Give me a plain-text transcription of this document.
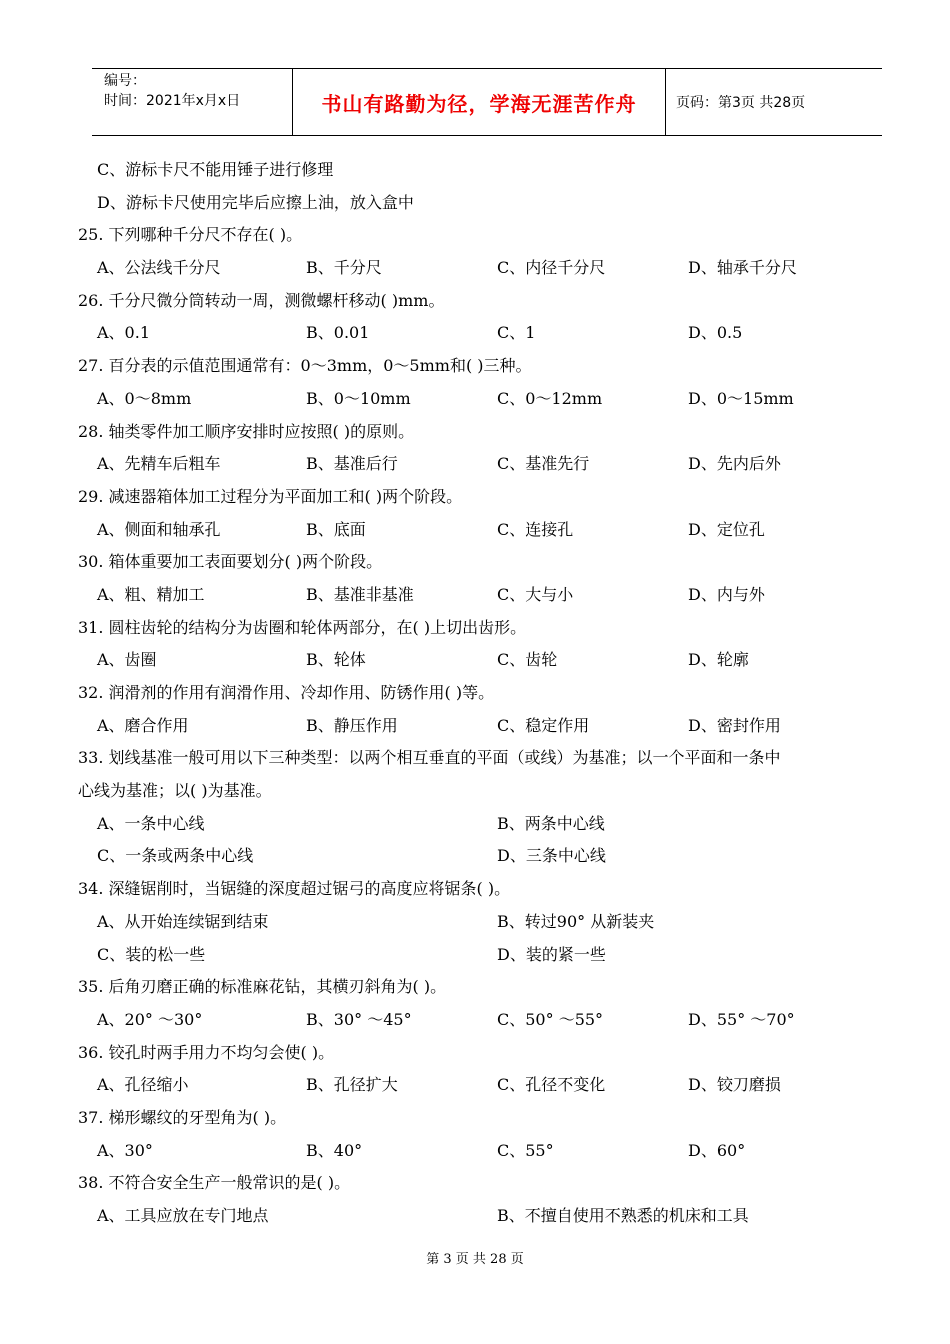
编号：
时间：2021年x月x日	书山有路勤为径，学海无涯苦作舟	页码：第3页 共28页
C、游标卡尺不能用锤子进行修理
D、游标卡尺使用完毕后应擦上油，放入盒中
25. 下列哪种千分尺不存在( )。
A、公法线千分尺	B、千分尺	C、内径千分尺	D、轴承千分尺
26. 千分尺微分筒转动一周，测微螺杆移动( )mm。
A、0.1	B、0.01	C、1	D、0.5
27. 百分表的示值范围通常有：0～3mm，0～5mm和( )三种。
A、0～8mm	B、0～10mm	C、0～12mm	D、0～15mm
28. 轴类零件加工顺序安排时应按照( )的原则。
A、先精车后粗车	B、基准后行	C、基准先行	D、先内后外
29. 减速器箱体加工过程分为平面加工和( )两个阶段。
A、侧面和轴承孔	B、底面	C、连接孔	D、定位孔
30. 箱体重要加工表面要划分( )两个阶段。
A、粗、精加工	B、基准非基准	C、大与小	D、内与外
31. 圆柱齿轮的结构分为齿圈和轮体两部分，在( )上切出齿形。
A、齿圈	B、轮体	C、齿轮	D、轮廓
32. 润滑剂的作用有润滑作用、冷却作用、防锈作用( )等。
A、磨合作用	B、静压作用	C、稳定作用	D、密封作用
33. 划线基准一般可用以下三种类型：以两个相互垂直的平面（或线）为基准；以一个平面和一条中
心线为基准；以( )为基准。
A、一条中心线	B、两条中心线
C、一条或两条中心线	D、三条中心线
34. 深缝锯削时，当锯缝的深度超过锯弓的高度应将锯条( )。
A、从开始连续锯到结束	B、转过90° 从新装夹
C、装的松一些	D、装的紧一些
35. 后角刃磨正确的标准麻花钻，其横刃斜角为( )。
A、20° ～30°	B、30° ～45°	C、50° ～55°	D、55° ～70°
36. 铰孔时两手用力不均匀会使( )。
A、孔径缩小	B、孔径扩大	C、孔径不变化	D、铰刀磨损
37. 梯形螺纹的牙型角为( )。
A、30°	B、40°	C、55°	D、60°
38. 不符合安全生产一般常识的是( )。
A、工具应放在专门地点	B、不擅自使用不熟悉的机床和工具
第 3 页 共 28 页
